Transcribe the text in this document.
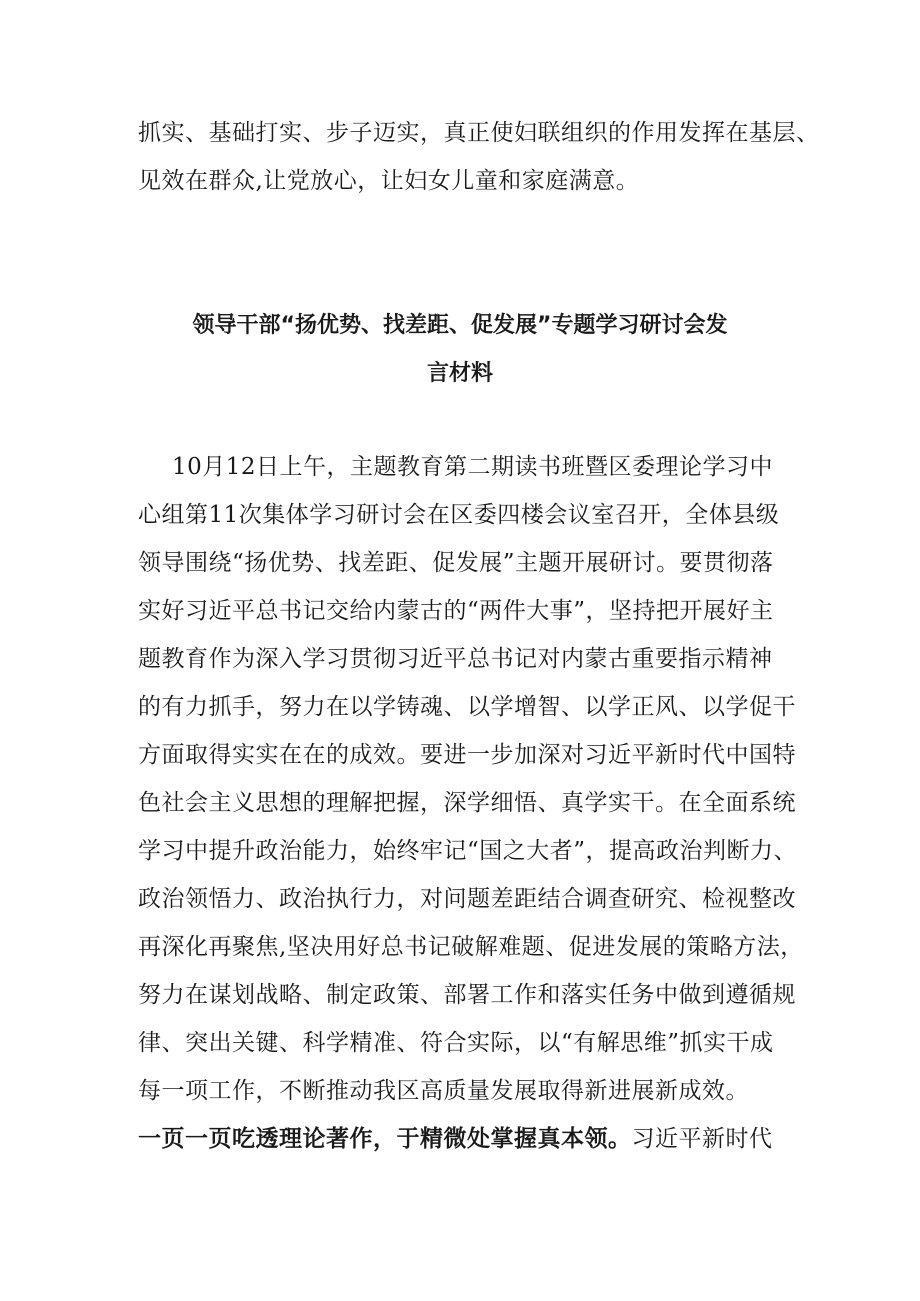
抓实、基础打实、步子迈实，真正使妇联组织的作用发挥在基层、
见效在群众,让党放心，让妇女儿童和家庭满意。
领导干部“扬优势、找差距、促发展”专题学习研讨会发
言材料
10月12日上午，主题教育第二期读书班暨区委理论学习中
心组第11次集体学习研讨会在区委四楼会议室召开，全体县级
领导围绕“扬优势、找差距、促发展”主题开展研讨。要贯彻落
实好习近平总书记交给内蒙古的“两件大事”，坚持把开展好主
题教育作为深入学习贯彻习近平总书记对内蒙古重要指示精神
的有力抓手，努力在以学铸魂、以学增智、以学正风、以学促干
方面取得实实在在的成效。要进一步加深对习近平新时代中国特
色社会主义思想的理解把握，深学细悟、真学实干。在全面系统
学习中提升政治能力，始终牢记“国之大者”，提高政治判断力、
政治领悟力、政治执行力，对问题差距结合调查研究、检视整改
再深化再聚焦,坚决用好总书记破解难题、促进发展的策略方法，
努力在谋划战略、制定政策、部署工作和落实任务中做到遵循规
律、突出关键、科学精准、符合实际，以“有解思维”抓实干成
每一项工作，不断推动我区高质量发展取得新进展新成效。
一页一页吃透理论著作，于精微处掌握真本领。习近平新时代
